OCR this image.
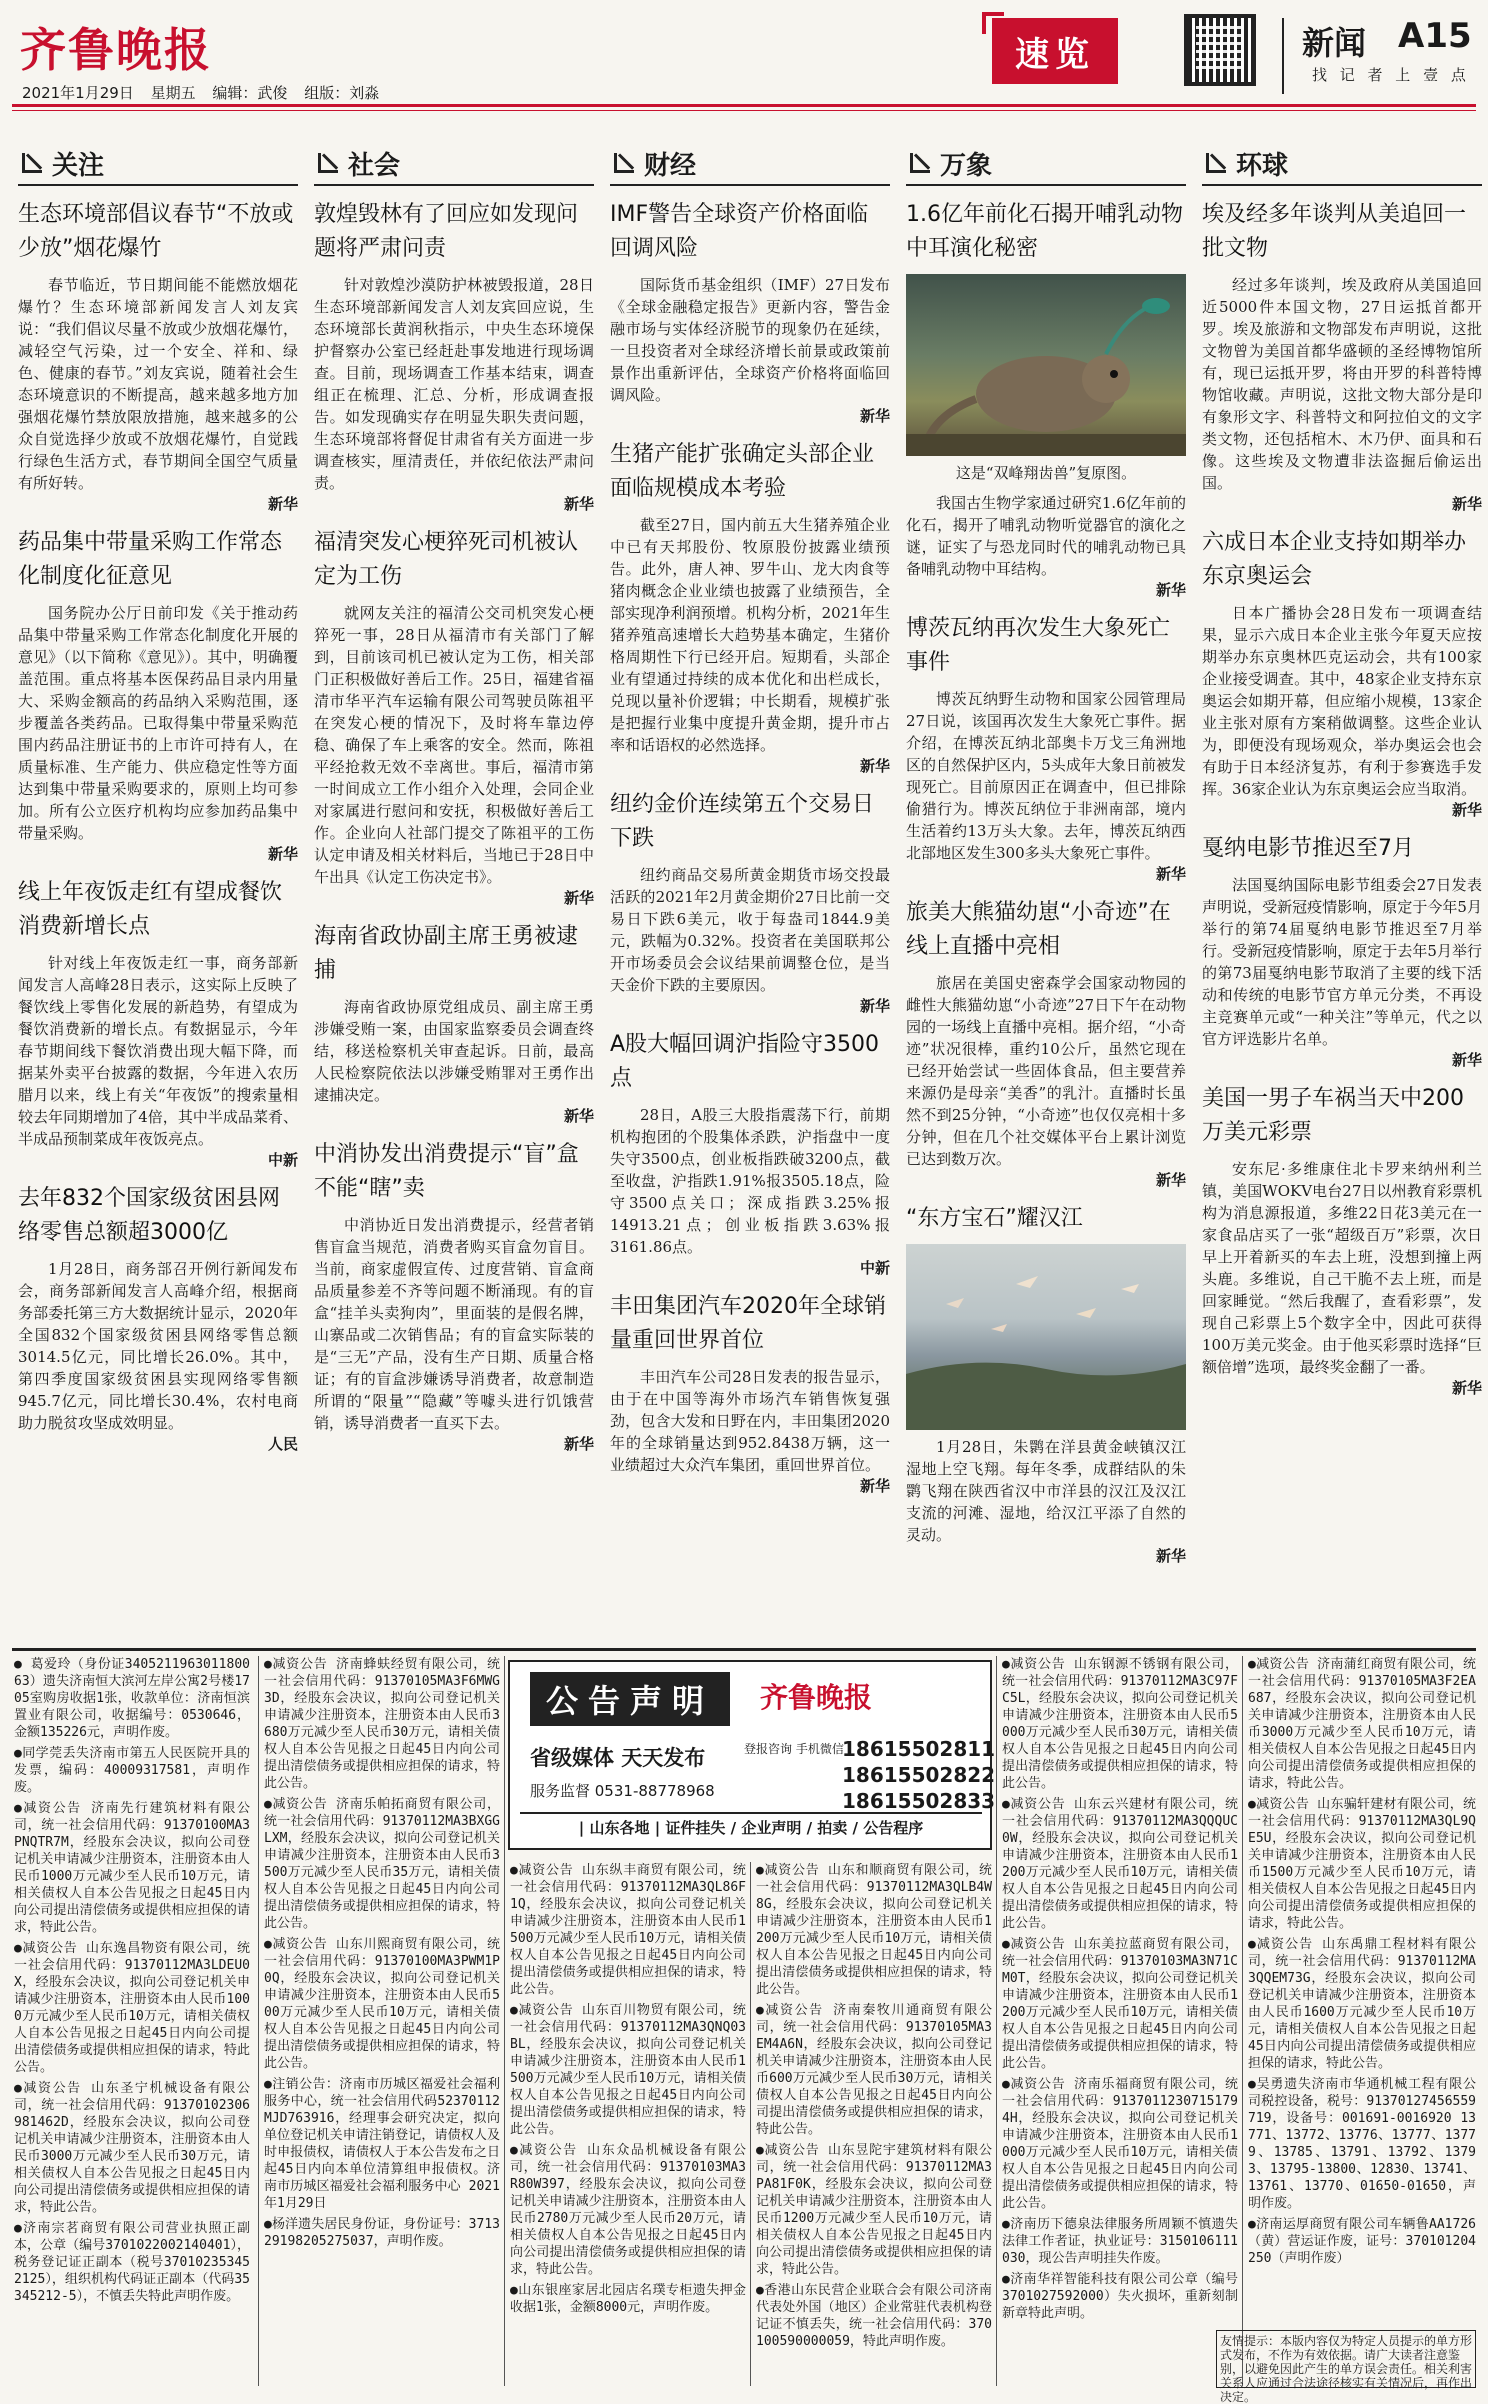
齐鲁晚报
2021年1月29日 星期五 编辑：武俊 组版：刘淼
速览	新闻 A15
找 记 者 上 壹 点
关注
生态环境部倡议春节“不放或少放”烟花爆竹
春节临近，节日期间能不能燃放烟花爆竹？生态环境部新闻发言人刘友宾说：“我们倡议尽量不放或少放烟花爆竹，减轻空气污染，过一个安全、祥和、绿色、健康的春节。”刘友宾说，随着社会生态环境意识的不断提高，越来越多地方加强烟花爆竹禁放限放措施，越来越多的公众自觉选择少放或不放烟花爆竹，自觉践行绿色生活方式，春节期间全国空气质量有所好转。
新华
药品集中带量采购工作常态化制度化征意见
国务院办公厅日前印发《关于推动药品集中带量采购工作常态化制度化开展的意见》（以下简称《意见》）。其中，明确覆盖范围。重点将基本医保药品目录内用量大、采购金额高的药品纳入采购范围，逐步覆盖各类药品。已取得集中带量采购范围内药品注册证书的上市许可持有人，在质量标准、生产能力、供应稳定性等方面达到集中带量采购要求的，原则上均可参加。所有公立医疗机构均应参加药品集中带量采购。
新华
线上年夜饭走红有望成餐饮消费新增长点
针对线上年夜饭走红一事，商务部新闻发言人高峰28日表示，这实际上反映了餐饮线上零售化发展的新趋势，有望成为餐饮消费新的增长点。有数据显示，今年春节期间线下餐饮消费出现大幅下降，而据某外卖平台披露的数据，今年进入农历腊月以来，线上有关“年夜饭”的搜索量相较去年同期增加了4倍，其中半成品菜肴、半成品预制菜成年夜饭亮点。
中新
去年832个国家级贫困县网络零售总额超3000亿
1月28日，商务部召开例行新闻发布会，商务部新闻发言人高峰介绍，根据商务部委托第三方大数据统计显示，2020年全国832个国家级贫困县网络零售总额3014.5亿元，同比增长26.0%。其中，第四季度国家级贫困县实现网络零售额945.7亿元，同比增长30.4%，农村电商助力脱贫攻坚成效明显。
人民
社会
敦煌毁林有了回应如发现问题将严肃问责
针对敦煌沙漠防护林被毁报道，28日生态环境部新闻发言人刘友宾回应说，生态环境部长黄润秋指示，中央生态环境保护督察办公室已经赶赴事发地进行现场调查。目前，现场调查工作基本结束，调查组正在梳理、汇总、分析，形成调查报告。如发现确实存在明显失职失责问题，生态环境部将督促甘肃省有关方面进一步调查核实，厘清责任，并依纪依法严肃问责。
新华
福清突发心梗猝死司机被认定为工伤
就网友关注的福清公交司机突发心梗猝死一事，28日从福清市有关部门了解到，目前该司机已被认定为工伤，相关部门正积极做好善后工作。25日，福建省福清市华平汽车运输有限公司驾驶员陈祖平在突发心梗的情况下，及时将车靠边停稳、确保了车上乘客的安全。然而，陈祖平经抢救无效不幸离世。事后，福清市第一时间成立工作小组介入处理，会同企业对家属进行慰问和安抚，积极做好善后工作。企业向人社部门提交了陈祖平的工伤认定申请及相关材料后，当地已于28日中午出具《认定工伤决定书》。
新华
海南省政协副主席王勇被逮捕
海南省政协原党组成员、副主席王勇涉嫌受贿一案，由国家监察委员会调查终结，移送检察机关审查起诉。日前，最高人民检察院依法以涉嫌受贿罪对王勇作出逮捕决定。
新华
中消协发出消费提示“盲”盒不能“瞎”卖
中消协近日发出消费提示，经营者销售盲盒当规范，消费者购买盲盒勿盲目。当前，商家虚假宣传、过度营销、盲盒商品质量参差不齐等问题不断涌现。有的盲盒“挂羊头卖狗肉”，里面装的是假名牌，山寨品或二次销售品；有的盲盒实际装的是“三无”产品，没有生产日期、质量合格证；有的盲盒涉嫌诱导消费者，故意制造所谓的“限量”“隐藏”等噱头进行饥饿营销，诱导消费者一直买下去。
新华
财经
IMF警告全球资产价格面临回调风险
国际货币基金组织（IMF）27日发布《全球金融稳定报告》更新内容，警告金融市场与实体经济脱节的现象仍在延续，一旦投资者对全球经济增长前景或政策前景作出重新评估，全球资产价格将面临回调风险。
新华
生猪产能扩张确定头部企业面临规模成本考验
截至27日，国内前五大生猪养殖企业中已有天邦股份、牧原股份披露业绩预告。此外，唐人神、罗牛山、龙大肉食等猪肉概念企业业绩也披露了业绩预告，全部实现净利润预增。机构分析，2021年生猪养殖高速增长大趋势基本确定，生猪价格周期性下行已经开启。短期看，头部企业有望通过持续的成本优化和出栏成长，兑现以量补价逻辑；中长期看，规模扩张是把握行业集中度提升黄金期，提升市占率和话语权的必然选择。
新华
纽约金价连续第五个交易日下跌
纽约商品交易所黄金期货市场交投最活跃的2021年2月黄金期价27日比前一交易日下跌6美元，收于每盎司1844.9美元，跌幅为0.32%。投资者在美国联邦公开市场委员会会议结果前调整仓位，是当天金价下跌的主要原因。
新华
A股大幅回调沪指险守3500点
28日，A股三大股指震荡下行，前期机构抱团的个股集体杀跌，沪指盘中一度失守3500点，创业板指跌破3200点，截至收盘，沪指跌1.91%报3505.18点，险守3500点关口；深成指跌3.25%报14913.21点；创业板指跌3.63%报3161.86点。
中新
丰田集团汽车2020年全球销量重回世界首位
丰田汽车公司28日发表的报告显示，由于在中国等海外市场汽车销售恢复强劲，包含大发和日野在内，丰田集团2020年的全球销量达到952.8438万辆，这一业绩超过大众汽车集团，重回世界首位。
新华
万象
1.6亿年前化石揭开哺乳动物中耳演化秘密
这是“双峰翔齿兽”复原图。
我国古生物学家通过研究1.6亿年前的化石，揭开了哺乳动物听觉器官的演化之谜，证实了与恐龙同时代的哺乳动物已具备哺乳动物中耳结构。
新华
博茨瓦纳再次发生大象死亡事件
博茨瓦纳野生动物和国家公园管理局27日说，该国再次发生大象死亡事件。据介绍，在博茨瓦纳北部奥卡万戈三角洲地区的自然保护区内，5头成年大象日前被发现死亡。目前原因正在调查中，但已排除偷猎行为。博茨瓦纳位于非洲南部，境内生活着约13万头大象。去年，博茨瓦纳西北部地区发生300多头大象死亡事件。
新华
旅美大熊猫幼崽“小奇迹”在线上直播中亮相
旅居在美国史密森学会国家动物园的雌性大熊猫幼崽“小奇迹”27日下午在动物园的一场线上直播中亮相。据介绍，“小奇迹”状况很棒，重约10公斤，虽然它现在已经开始尝试一些固体食品，但主要营养来源仍是母亲“美香”的乳汁。直播时长虽然不到25分钟，“小奇迹”也仅仅亮相十多分钟，但在几个社交媒体平台上累计浏览已达到数万次。
新华
“东方宝石”耀汉江
1月28日，朱鹮在洋县黄金峡镇汉江湿地上空飞翔。每年冬季，成群结队的朱鹮飞翔在陕西省汉中市洋县的汉江及汉江支流的河滩、湿地，给汉江平添了自然的灵动。
新华
环球
埃及经多年谈判从美追回一批文物
经过多年谈判，埃及政府从美国追回近5000件本国文物，27日运抵首都开罗。埃及旅游和文物部发布声明说，这批文物曾为美国首都华盛顿的圣经博物馆所有，现已运抵开罗，将由开罗的科普特博物馆收藏。声明说，这批文物大部分是印有象形文字、科普特文和阿拉伯文的文字类文物，还包括棺木、木乃伊、面具和石像。这些埃及文物遭非法盗掘后偷运出国。
新华
六成日本企业支持如期举办东京奥运会
日本广播协会28日发布一项调查结果，显示六成日本企业主张今年夏天应按期举办东京奥林匹克运动会，共有100家企业接受调查。其中，48家企业支持东京奥运会如期开幕，但应缩小规模，13家企业主张对原有方案稍做调整。这些企业认为，即便没有现场观众，举办奥运会也会有助于日本经济复苏，有利于参赛选手发挥。36家企业认为东京奥运会应当取消。
新华
戛纳电影节推迟至7月
法国戛纳国际电影节组委会27日发表声明说，受新冠疫情影响，原定于今年5月举行的第74届戛纳电影节推迟至7月举行。受新冠疫情影响，原定于去年5月举行的第73届戛纳电影节取消了主要的线下活动和传统的电影节官方单元分类，不再设主竞赛单元或“一种关注”等单元，代之以官方评选影片名单。
新华
美国一男子车祸当天中200万美元彩票
安东尼·多维康住北卡罗来纳州利兰镇，美国WOKV电台27日以州教育彩票机构为消息源报道，多维22日花3美元在一家食品店买了一张“超级百万”彩票，次日早上开着新买的车去上班，没想到撞上两头鹿。多维说，自己干脆不去上班，而是回家睡觉。“然后我醒了，查看彩票”，发现自己彩票上5个数字全中，因此可获得100万美元奖金。由于他买彩票时选择“巨额倍增”选项，最终奖金翻了一番。
新华

● 葛爱玲（身份证340521196301180063）遗失济南恒大滨河左岸公寓2号楼1705室购房收据1张，收款单位：济南恒滨置业有限公司，收据编号：0530646，金额135226元，声明作废。

●同学莞丢失济南市第五人民医院开具的发票，编码：40009317581，声明作废。

●减资公告 济南先行建筑材料有限公司，统一社会信用代码：91370100MA3PNQTR7M，经股东会决议，拟向公司登记机关申请减少注册资本，注册资本由人民币1000万元减少至人民币10万元，请相关债权人自本公告见报之日起45日内向公司提出清偿债务或提供相应担保的请求，特此公告。

●减资公告 山东逸昌物资有限公司，统一社会信用代码：91370112MA3LDEU0X，经股东会决议，拟向公司登记机关申请减少注册资本，注册资本由人民币1000万元减少至人民币10万元，请相关债权人自本公告见报之日起45日内向公司提出清偿债务或提供相应担保的请求，特此公告。

●减资公告 山东圣宁机械设备有限公司，统一社会信用代码：91370102306981462D，经股东会决议，拟向公司登记机关申请减少注册资本，注册资本由人民币3000万元减少至人民币30万元，请相关债权人自本公告见报之日起45日内向公司提出清偿债务或提供相应担保的请求，特此公告。

●济南宗茗商贸有限公司营业执照正副本，公章（编号3701022002140401），税务登记证正副本（税号370102353452125），组织机构代码证正副本（代码35345212-5），不慎丢失特此声明作废。

●减资公告 济南蜂蚨经贸有限公司，统一社会信用代码：91370105MA3F6MWG3D，经股东会决议，拟向公司登记机关申请减少注册资本，注册资本由人民币3680万元减少至人民币30万元，请相关债权人自本公告见报之日起45日内向公司提出清偿债务或提供相应担保的请求，特此公告。

●减资公告 济南乐帕拓商贸有限公司，统一社会信用代码：91370112MA3BXGGLXM，经股东会决议，拟向公司登记机关申请减少注册资本，注册资本由人民币3500万元减少至人民币35万元，请相关债权人自本公告见报之日起45日内向公司提出清偿债务或提供相应担保的请求，特此公告。

●减资公告 山东川熙商贸有限公司，统一社会信用代码：91370100MA3PWM1P0Q，经股东会决议，拟向公司登记机关申请减少注册资本，注册资本由人民币500万元减少至人民币10万元，请相关债权人自本公告见报之日起45日内向公司提出清偿债务或提供相应担保的请求，特此公告。

●注销公告：济南市历城区福爱社会福利服务中心，统一社会信用代码52370112MJD763916，经理事会研究决定，拟向单位登记机关申请注销登记，请债权人及时申报债权，请债权人于本公告发布之日起45日内向本单位清算组申报债权。济南市历城区福爱社会福利服务中心 2021年1月29日

●杨洋遗失居民身份证，身份证号：371329198205275037，声明作废。

公告声明	齐鲁晚报
省级媒体 天天发布	登报咨询 手机微信
18615502811
18615502822
18615502833
服务监督 0531-88778968
| 山东各地 | 证件挂失 / 企业声明 / 拍卖 / 公告程序

●减资公告 山东纵丰商贸有限公司，统一社会信用代码：91370112MA3QL86F1Q，经股东会决议，拟向公司登记机关申请减少注册资本，注册资本由人民币1500万元减少至人民币10万元，请相关债权人自本公告见报之日起45日内向公司提出清偿债务或提供相应担保的请求，特此公告。

●减资公告 山东百川物贸有限公司，统一社会信用代码：91370112MA3QNQ03BL，经股东会决议，拟向公司登记机关申请减少注册资本，注册资本由人民币1500万元减少至人民币10万元，请相关债权人自本公告见报之日起45日内向公司提出清偿债务或提供相应担保的请求，特此公告。

●减资公告 山东众品机械设备有限公司，统一社会信用代码：91370103MA3R80W397，经股东会决议，拟向公司登记机关申请减少注册资本，注册资本由人民币2780万元减少至人民币20万元，请相关债权人自本公告见报之日起45日内向公司提出清偿债务或提供相应担保的请求，特此公告。

●山东银座家居北园店名璞专柜遗失押金收据1张，金额8000元，声明作废。

●减资公告 山东和顺商贸有限公司，统一社会信用代码：91370112MA3QLB4W8G，经股东会决议，拟向公司登记机关申请减少注册资本，注册资本由人民币1200万元减少至人民币10万元，请相关债权人自本公告见报之日起45日内向公司提出清偿债务或提供相应担保的请求，特此公告。

●减资公告 济南秦牧川通商贸有限公司，统一社会信用代码：91370105MA3EM4A6N，经股东会决议，拟向公司登记机关申请减少注册资本，注册资本由人民币600万元减少至人民币30万元，请相关债权人自本公告见报之日起45日内向公司提出清偿债务或提供相应担保的请求，特此公告。

●减资公告 山东昱陀宇建筑材料有限公司，统一社会信用代码：91370112MA3PA81F0K，经股东会决议，拟向公司登记机关申请减少注册资本，注册资本由人民币1200万元减少至人民币10万元，请相关债权人自本公告见报之日起45日内向公司提出清偿债务或提供相应担保的请求，特此公告。

●香港山东民营企业联合会有限公司济南代表处外国（地区）企业常驻代表机构登记证不慎丢失，统一社会信用代码：370100590000059，特此声明作废。

●减资公告 山东钢源不锈钢有限公司，统一社会信用代码：91370112MA3C97FC5L，经股东会决议，拟向公司登记机关申请减少注册资本，注册资本由人民币5000万元减少至人民币30万元，请相关债权人自本公告见报之日起45日内向公司提出清偿债务或提供相应担保的请求，特此公告。

●减资公告 山东云兴建材有限公司，统一社会信用代码：91370112MA3QQQUC0W，经股东会决议，拟向公司登记机关申请减少注册资本，注册资本由人民币1200万元减少至人民币10万元，请相关债权人自本公告见报之日起45日内向公司提出清偿债务或提供相应担保的请求，特此公告。

●减资公告 山东美拉蓝商贸有限公司，统一社会信用代码：91370103MA3N71CM0T，经股东会决议，拟向公司登记机关申请减少注册资本，注册资本由人民币1200万元减少至人民币10万元，请相关债权人自本公告见报之日起45日内向公司提出清偿债务或提供相应担保的请求，特此公告。

●减资公告 济南乐福商贸有限公司，统一社会信用代码：91370112307151794H，经股东会决议，拟向公司登记机关申请减少注册资本，注册资本由人民币1000万元减少至人民币10万元，请相关债权人自本公告见报之日起45日内向公司提出清偿债务或提供相应担保的请求，特此公告。

●济南历下德泉法律服务所周颖不慎遗失法律工作者证，执业证号：3150106111030，现公告声明挂失作废。

●济南华祥智能科技有限公司公章（编号3701027592000）失火损坏，重新刻制新章特此声明。

●减资公告 济南蒲红商贸有限公司，统一社会信用代码：91370105MA3F2EA687，经股东会决议，拟向公司登记机关申请减少注册资本，注册资本由人民币3000万元减少至人民币10万元，请相关债权人自本公告见报之日起45日内向公司提出清偿债务或提供相应担保的请求，特此公告。

●减资公告 山东骗轩建材有限公司，统一社会信用代码：91370112MA3QL9QE5U，经股东会决议，拟向公司登记机关申请减少注册资本，注册资本由人民币1500万元减少至人民币10万元，请相关债权人自本公告见报之日起45日内向公司提出清偿债务或提供相应担保的请求，特此公告。

●减资公告 山东禹鼎工程材料有限公司，统一社会信用代码：91370112MA3QQEM73G，经股东会决议，拟向公司登记机关申请减少注册资本，注册资本由人民币1600万元减少至人民币10万元，请相关债权人自本公告见报之日起45日内向公司提出清偿债务或提供相应担保的请求，特此公告。

●吴勇遗失济南市华通机械工程有限公司税控设备，税号：91370127456559719，设备号：001691-0016920 13771、13772、13776、13777、13779、13785、13791、13792、13793、13795-13800、12830、13741、13761、13770、01650-01650，声明作废。

●济南运厚商贸有限公司车辆鲁AA1726（黄）营运证作废，证号：370101204250（声明作废）

友情提示：本版内容仅为特定人员提示的单方形式发布，不作为有效依据。请广大读者注意鉴别，以避免因此产生的单方误会责任。相关利害关系人应通过合法途径核实有关情况后，再作出决定。
